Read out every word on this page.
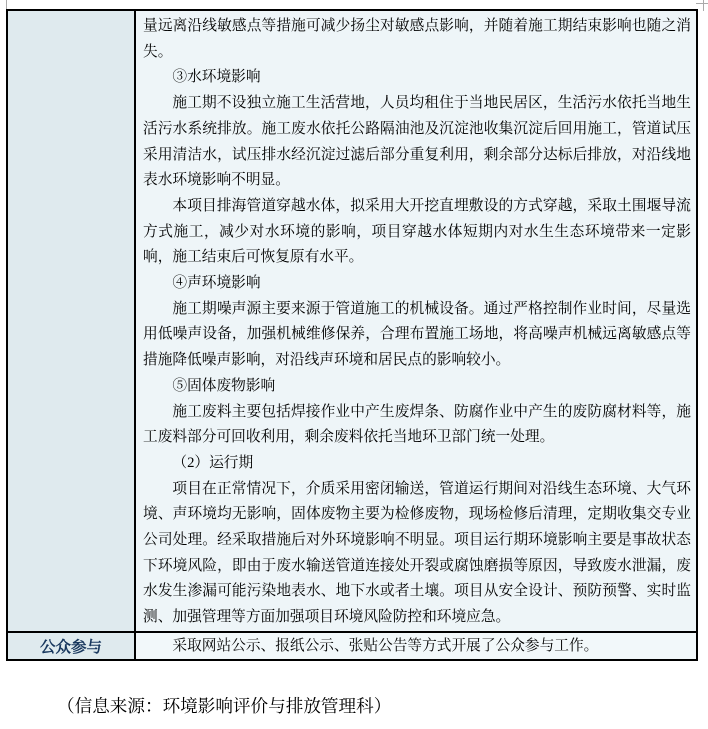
量远离沿线敏感点等措施可减少扬尘对敏感点影响，并随着施工期结束影响也随之消失。
③水环境影响
施工期不设独立施工生活营地，人员均租住于当地民居区，生活污水依托当地生活污水系统排放。施工废水依托公路隔油池及沉淀池收集沉淀后回用施工，管道试压采用清洁水，试压排水经沉淀过滤后部分重复利用，剩余部分达标后排放，对沿线地表水环境影响不明显。
本项目排海管道穿越水体，拟采用大开挖直埋敷设的方式穿越，采取土围堰导流方式施工，减少对水环境的影响，项目穿越水体短期内对水生生态环境带来一定影响，施工结束后可恢复原有水平。
④声环境影响
施工期噪声源主要来源于管道施工的机械设备。通过严格控制作业时间，尽量选用低噪声设备，加强机械维修保养，合理布置施工场地，将高噪声机械远离敏感点等措施降低噪声影响，对沿线声环境和居民点的影响较小。
⑤固体废物影响
施工废料主要包括焊接作业中产生废焊条、防腐作业中产生的废防腐材料等，施工废料部分可回收利用，剩余废料依托当地环卫部门统一处理。
（2）运行期
项目在正常情况下，介质采用密闭输送，管道运行期间对沿线生态环境、大气环境、声环境均无影响，固体废物主要为检修废物，现场检修后清理，定期收集交专业公司处理。经采取措施后对外环境影响不明显。项目运行期环境影响主要是事故状态下环境风险，即由于废水输送管道连接处开裂或腐蚀磨损等原因，导致废水泄漏，废水发生渗漏可能污染地表水、地下水或者土壤。项目从安全设计、预防预警、实时监测、加强管理等方面加强项目环境风险防控和环境应急。

公众参与	采取网站公示、报纸公示、张贴公告等方式开展了公众参与工作。
（信息来源：环境影响评价与排放管理科）
